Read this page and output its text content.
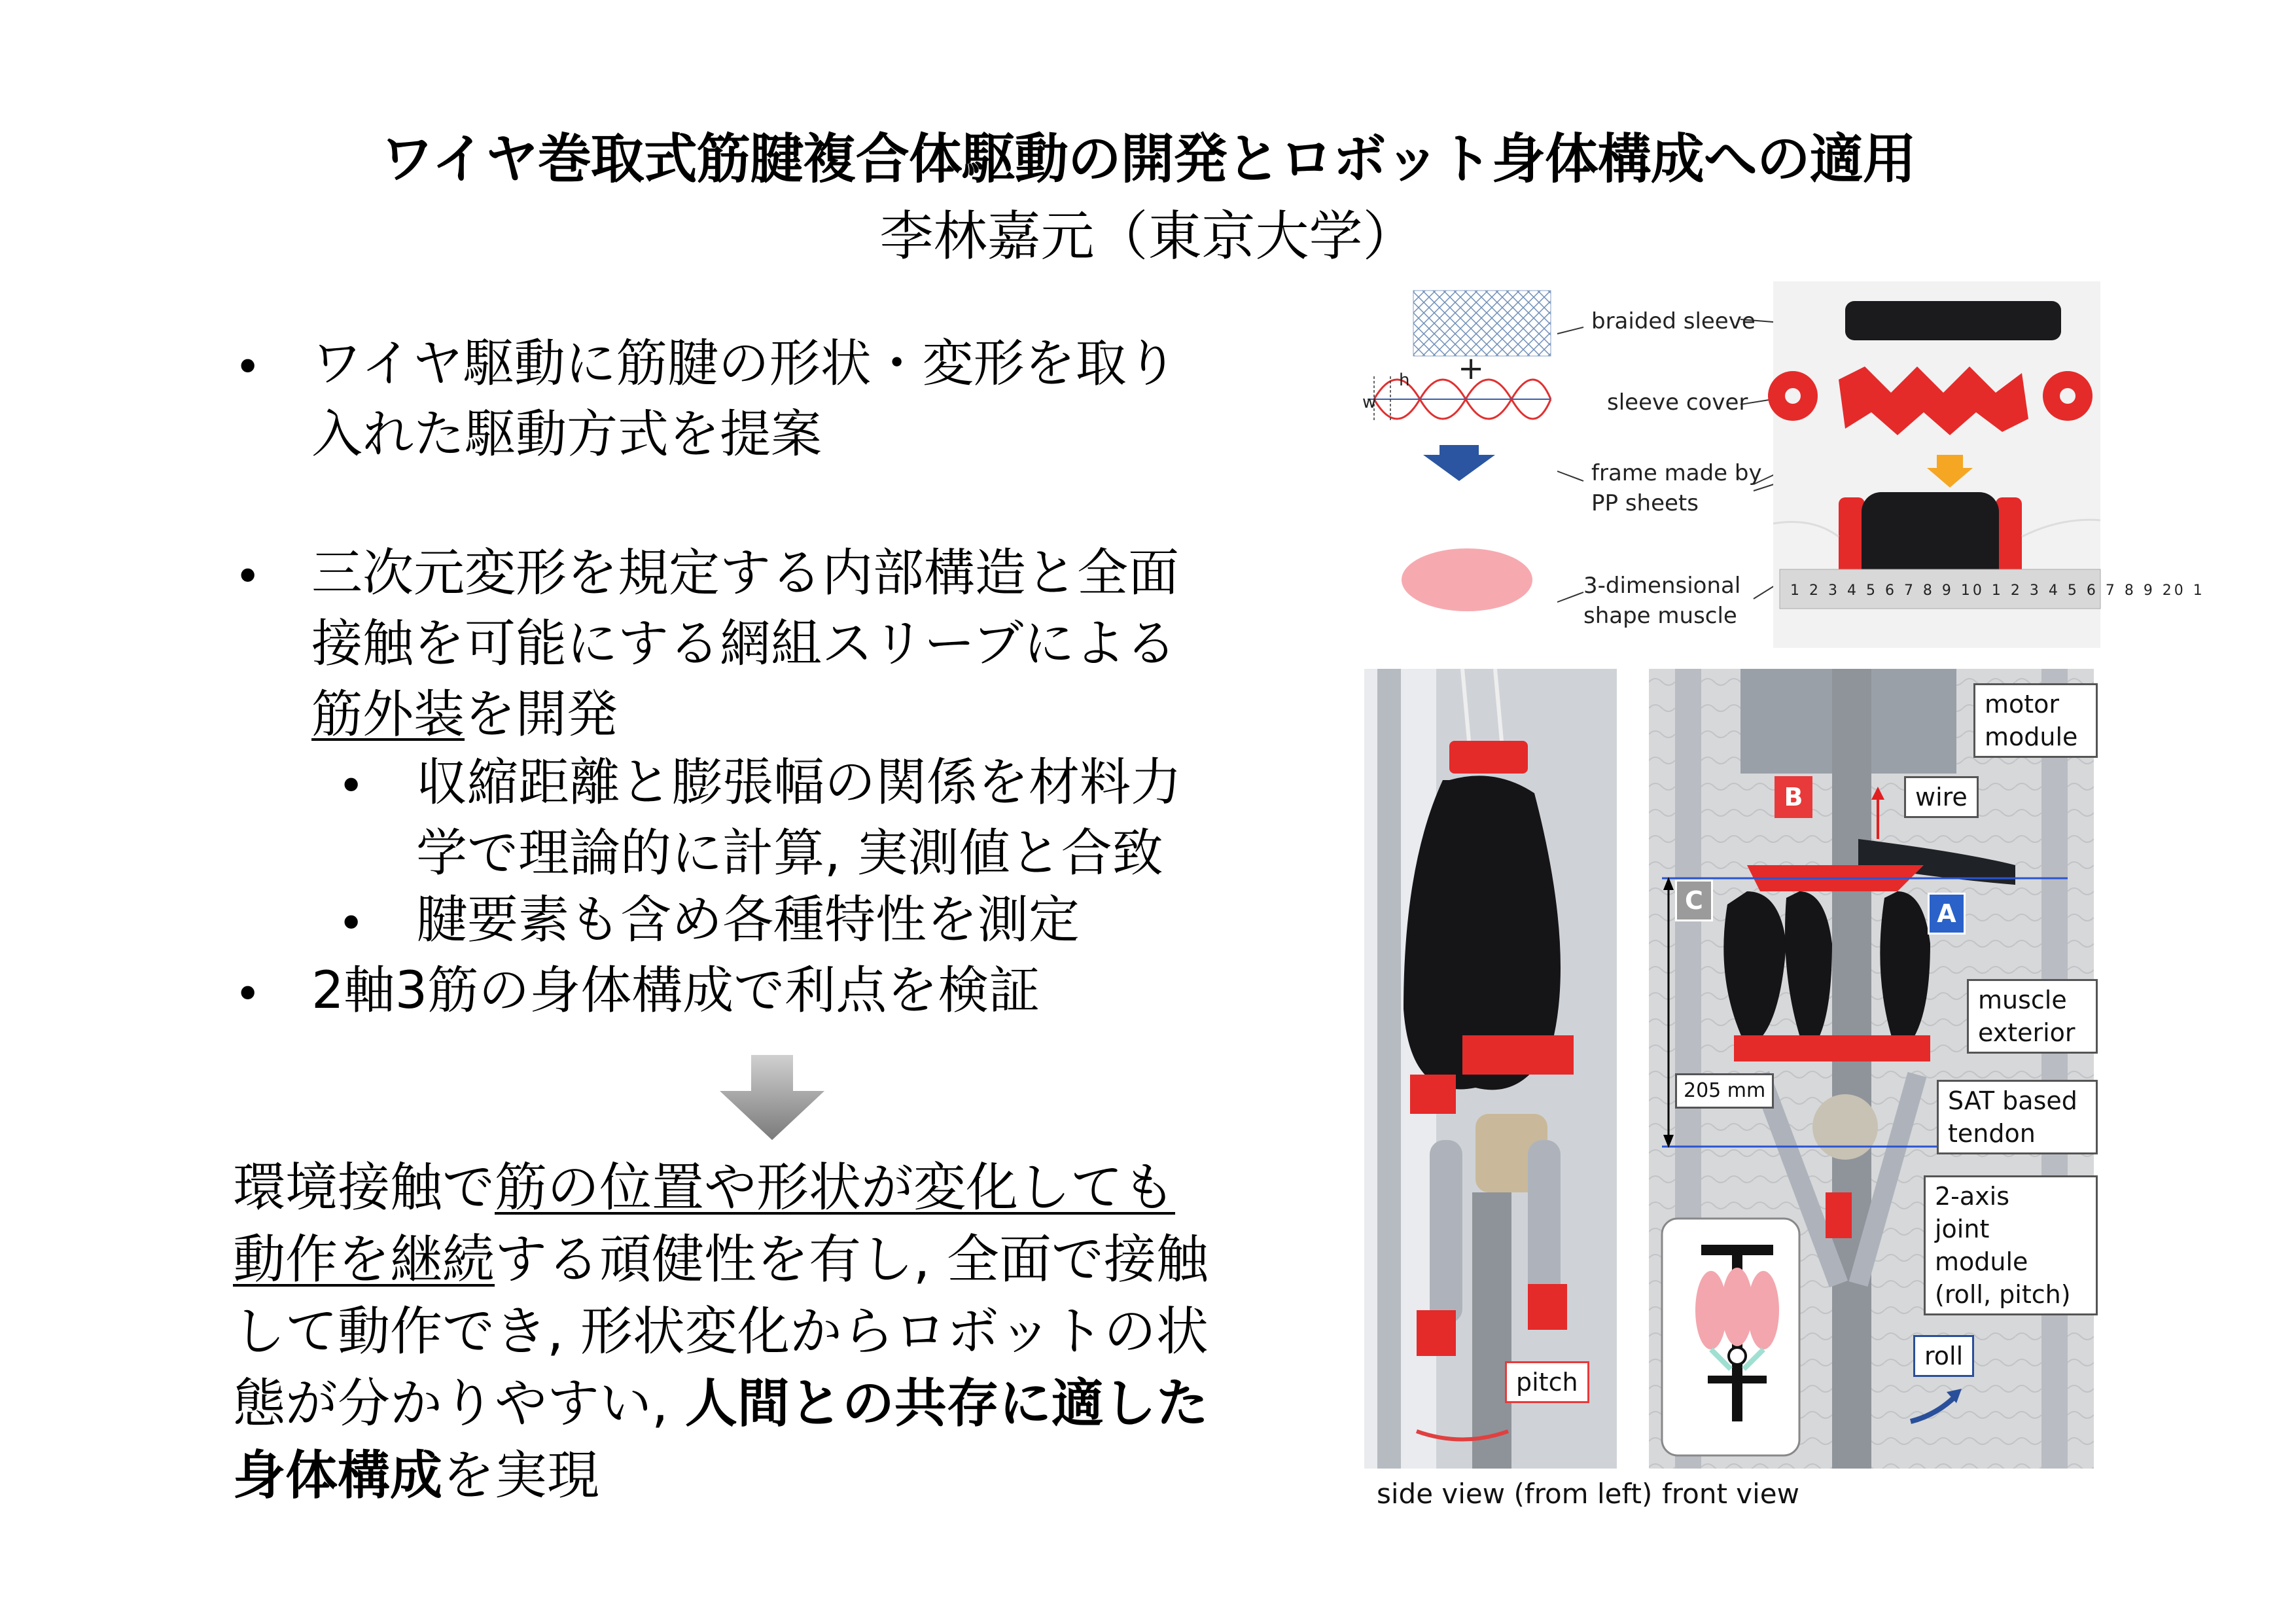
ワイヤ巻取式筋腱複合体駆動の開発とロボット身体構成への適用
李林嘉元（東京大学）
• ワイヤ駆動に筋腱の形状・変形を取り
入れた駆動方式を提案
• 三次元変形を規定する内部構造と全面
接触を可能にする網組スリーブによる
筋外装を開発
• 収縮距離と膨張幅の関係を材料力
学で理論的に計算, 実測値と合致
• 腱要素も含め各種特性を測定
• 2軸3筋の身体構成で利点を検証
環境接触で筋の位置や形状が変化しても
動作を継続する頑健性を有し, 全面で接触
して動作でき, 形状変化からロボットの状
態が分かりやすい, 人間との共存に適した
身体構成を実現
h
w
+
braided sleeve
sleeve cover
frame made by
PP sheets
3-dimensional
shape muscle
1 2 3 4 5 6 7 8 9 10 1 2 3 4 5 6 7 8 9 20 1
pitch
motor
module
wire
B
C	A
muscle
exterior
205 mm	SAT based
tendon
2-axis
joint module
(roll, pitch)
roll
side view (from left) front view
